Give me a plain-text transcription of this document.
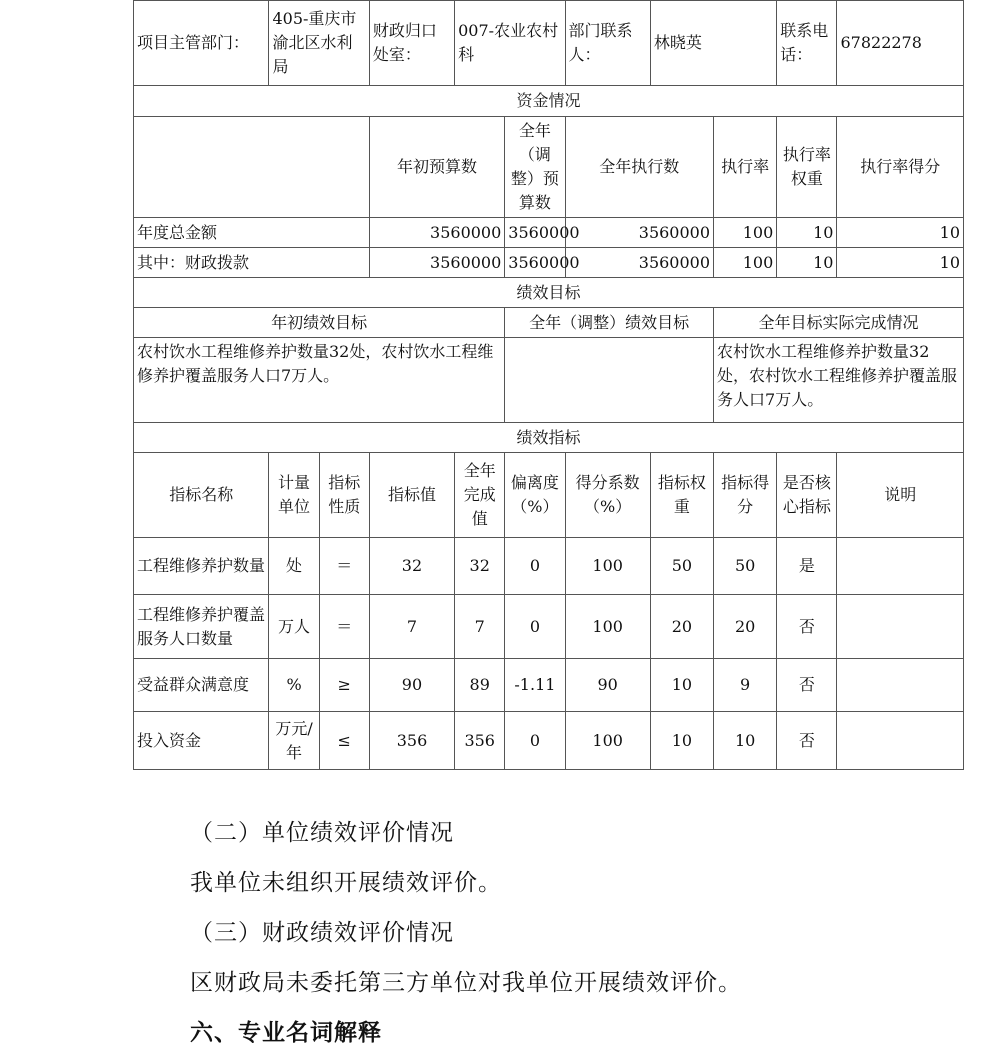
项目主管部门：	405-重庆市渝北区水利局		财政归口处室：	007-农业农村科		部门联系人：	林晓英		联系电话：	67822278
资金情况										
			年初预算数		全年（调整）预算数	全年执行数		执行率	执行率权重	执行率得分
年度总金额			3560000		3560000	3560000		100	10	10
其中：财政拨款			3560000		3560000	3560000		100	10	10
绩效目标										
年初绩效目标					全年（调整）绩效目标			全年目标实际完成情况		
农村饮水工程维修养护数量32处，农村饮水工程维修养护覆盖服务人口7万人。								农村饮水工程维修养护数量32处，农村饮水工程维修养护覆盖服务人口7万人。		
绩效指标										
指标名称	计量单位	指标性质	指标值	全年完成值	偏离度（%）	得分系数（%）	指标权重	指标得分	是否核心指标	说明
工程维修养护数量	处	＝	32	32	0	100	50	50	是	
工程维修养护覆盖服务人口数量	万人	＝	7	7	0	100	20	20	否	
受益群众满意度	%	≥	90	89	-1.11	90	10	9	否	
投入资金	万元/年	≤	356	356	0	100	10	10	否	
（二）单位绩效评价情况
我单位未组织开展绩效评价。
（三）财政绩效评价情况
区财政局未委托第三方单位对我单位开展绩效评价。
六、专业名词解释
